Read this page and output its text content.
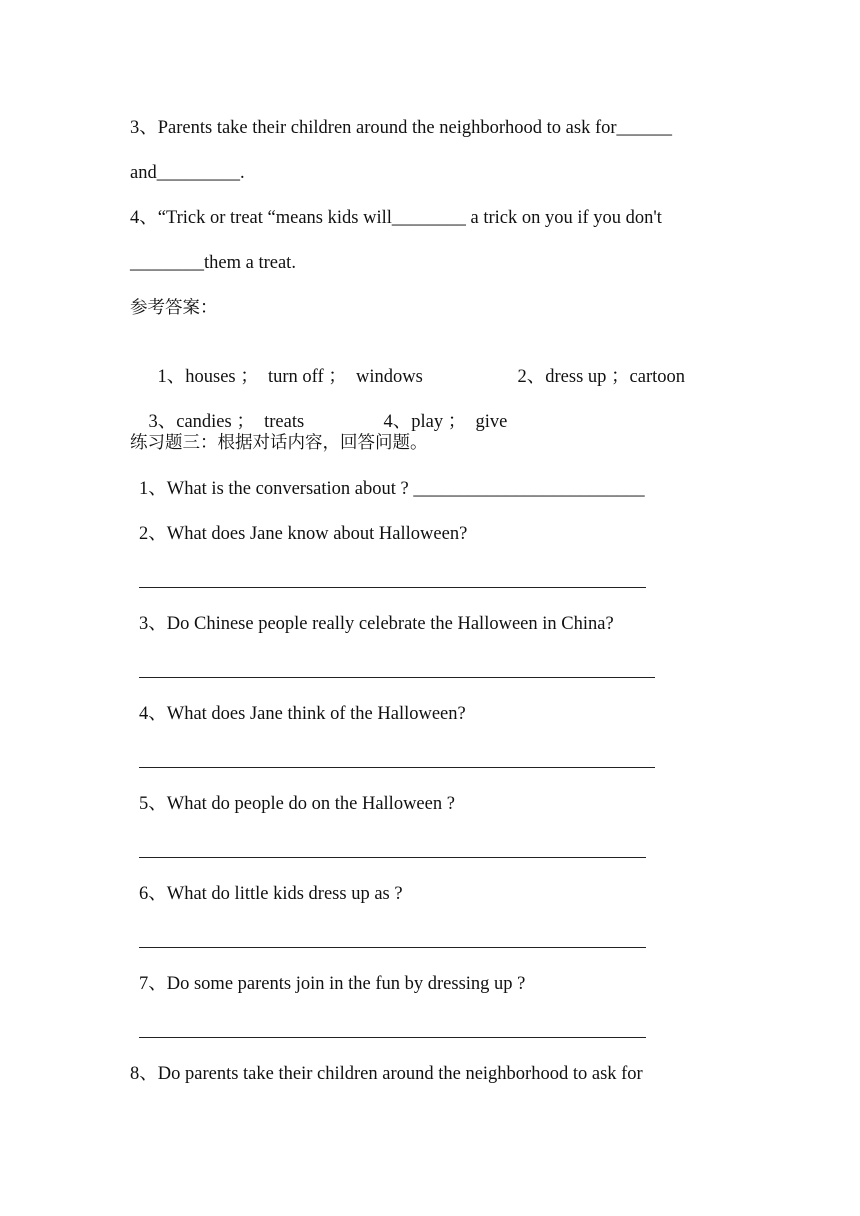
3、Parents take their children around the neighborhood to ask for______
and_________.
4、“Trick or treat “means kids will________ a trick on you if you don't
________them a treat.
参考答案：

1、houses ；  turn off ；  windows	2、dress up ；cartoon

3、candies ；  treats	4、play ；  give

练习题三：根据对话内容，回答问题。
1、What is the conversation about ? _________________________
2、What does Jane know about Halloween?
3、Do Chinese people really celebrate the Halloween in China?
4、What does Jane think of the Halloween?
5、What do people do on the Halloween ?
6、What do little kids dress up as ?
7、Do some parents join in the fun by dressing up ?
8、Do parents take their children around the neighborhood to ask for
